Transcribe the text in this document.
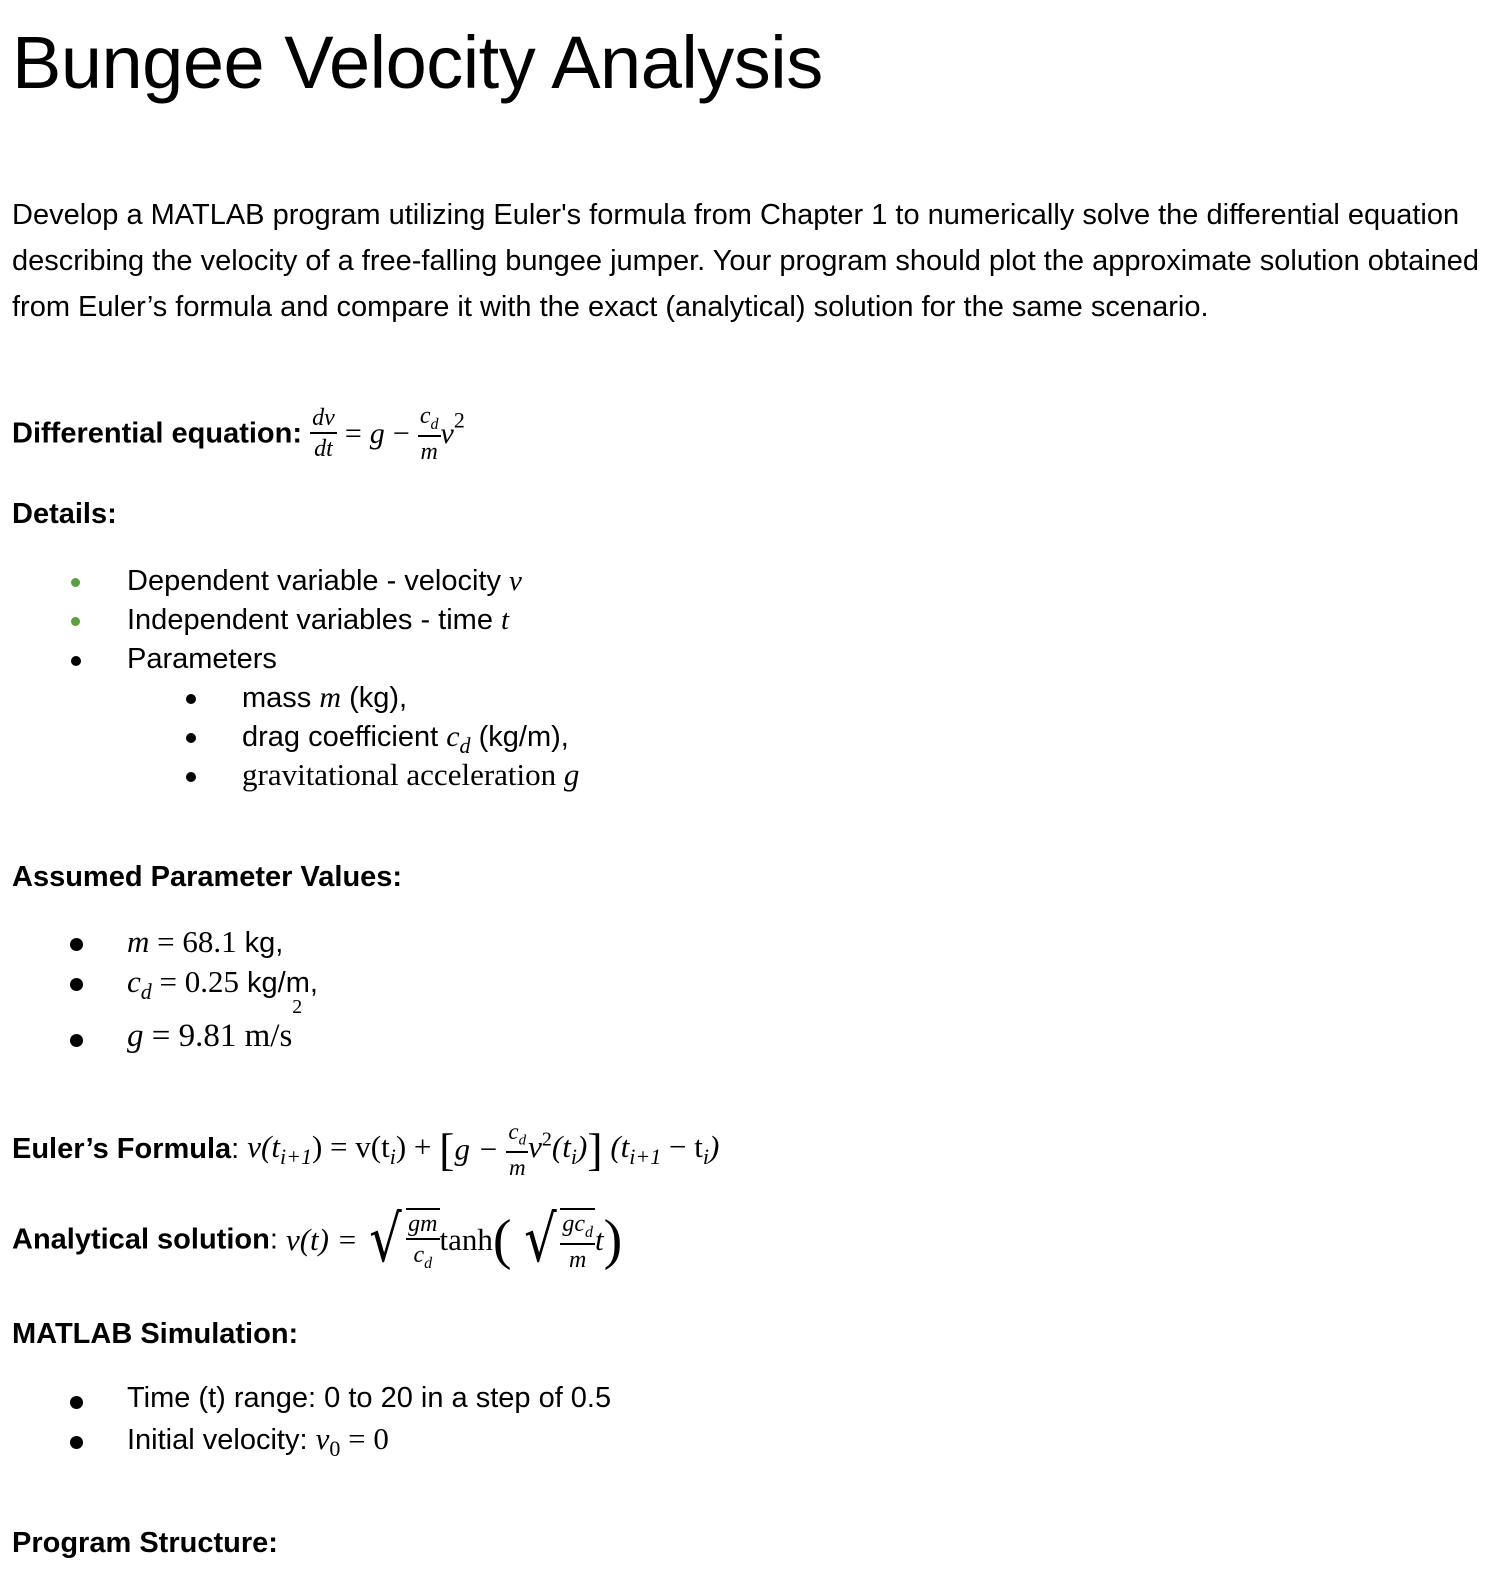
Bungee Velocity Analysis
Develop a MATLAB program utilizing Euler's formula from Chapter 1 to numerically solve the differential equation describing the velocity of a free-falling bungee jumper. Your program should plot the approximate solution obtained from Euler’s formula and compare it with the exact (analytical) solution for the same scenario.
Differential equation: $\frac{dv}{dt} = g - \frac{c_d}{m} v^2$
Details:
Dependent variable - velocity v
Independent variables - time t
Parameters
mass m (kg),
drag coefficient $c_d$ (kg/m),
gravitational acceleration g
Assumed Parameter Values:
m = 68.1 kg,
$c_d = 0.25$ kg/m,
g = 9.81 $m/s^2$
Euler’s Formula: $v(t_{i+1}) = v(t_i) + [g - \frac{c_d}{m} v^2(t_i)] (t_{i+1} - t_i)$
Analytical solution: v(t) = √ $\frac{gm}{c_d} \tanh$( √ $\frac{gc_d}{m} t$)
MATLAB Simulation:
Time (t) range: 0 to 20 in a step of 0.5
Initial velocity: $v_0 = 0$
Program Structure:
